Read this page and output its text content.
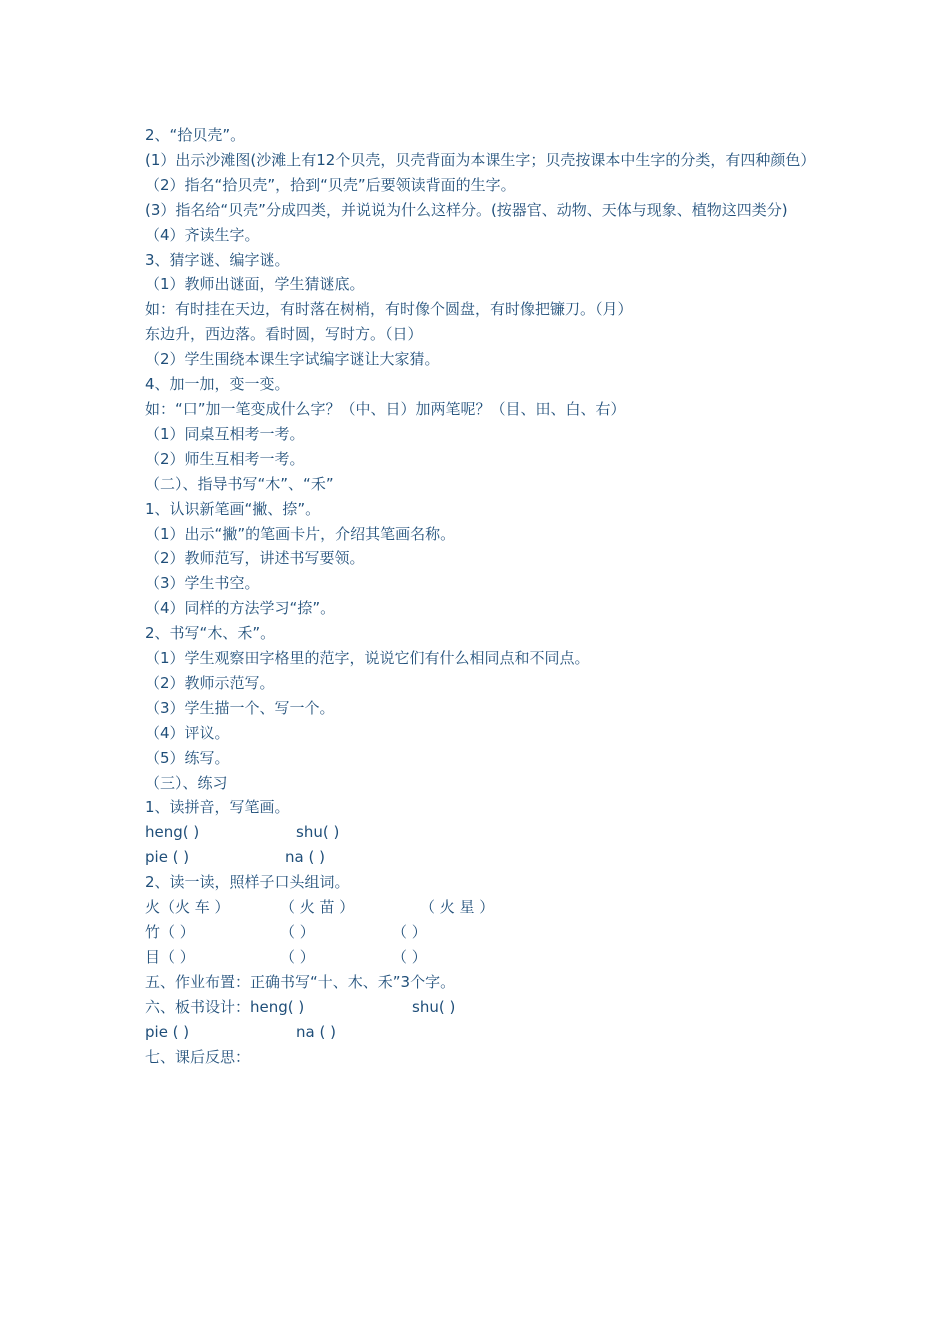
2、“拾贝壳”。
(1）出示沙滩图(沙滩上有12个贝壳，贝壳背面为本课生字；贝壳按课本中生字的分类，有四种颜色）
（2）指名“拾贝壳”，拾到“贝壳”后要领读背面的生字。
(3）指名给“贝壳”分成四类，并说说为什么这样分。(按器官、动物、天体与现象、植物这四类分)
（4）齐读生字。
3、猜字谜、编字谜。
（1）教师出谜面，学生猜谜底。
如：有时挂在天边，有时落在树梢，有时像个圆盘，有时像把镰刀。（月）
东边升，西边落。看时圆，写时方。（日）
（2）学生围绕本课生字试编字谜让大家猜。
4、加一加，变一变。
如：“口”加一笔变成什么字？（中、日）加两笔呢？（目、田、白、右）
（1）同桌互相考一考。
（2）师生互相考一考。
（二）、指导书写“木”、“禾”
1、认识新笔画“撇、捺”。
（1）出示“撇”的笔画卡片，介绍其笔画名称。
（2）教师范写，讲述书写要领。
（3）学生书空。
（4）同样的方法学习“捺”。
2、书写“木、禾”。
（1）学生观察田字格里的范字，说说它们有什么相同点和不同点。
（2）教师示范写。
（3）学生描一个、写一个。
（4）评议。
（5）练写。
（三）、练习
1、读拼音，写笔画。
heng( )	shu( )
pie ( )	na ( )
2、读一读，照样子口头组词。
火（火 车 ）	（ 火 苗 ）	（ 火 星 ）
竹（ ）	（ ）	（ ）
目（ ）	（ ）	（ ）
五、作业布置：正确书写“十、木、禾”3个字。
六、板书设计：heng( )	shu( )
pie ( )	na ( )
七、课后反思：
